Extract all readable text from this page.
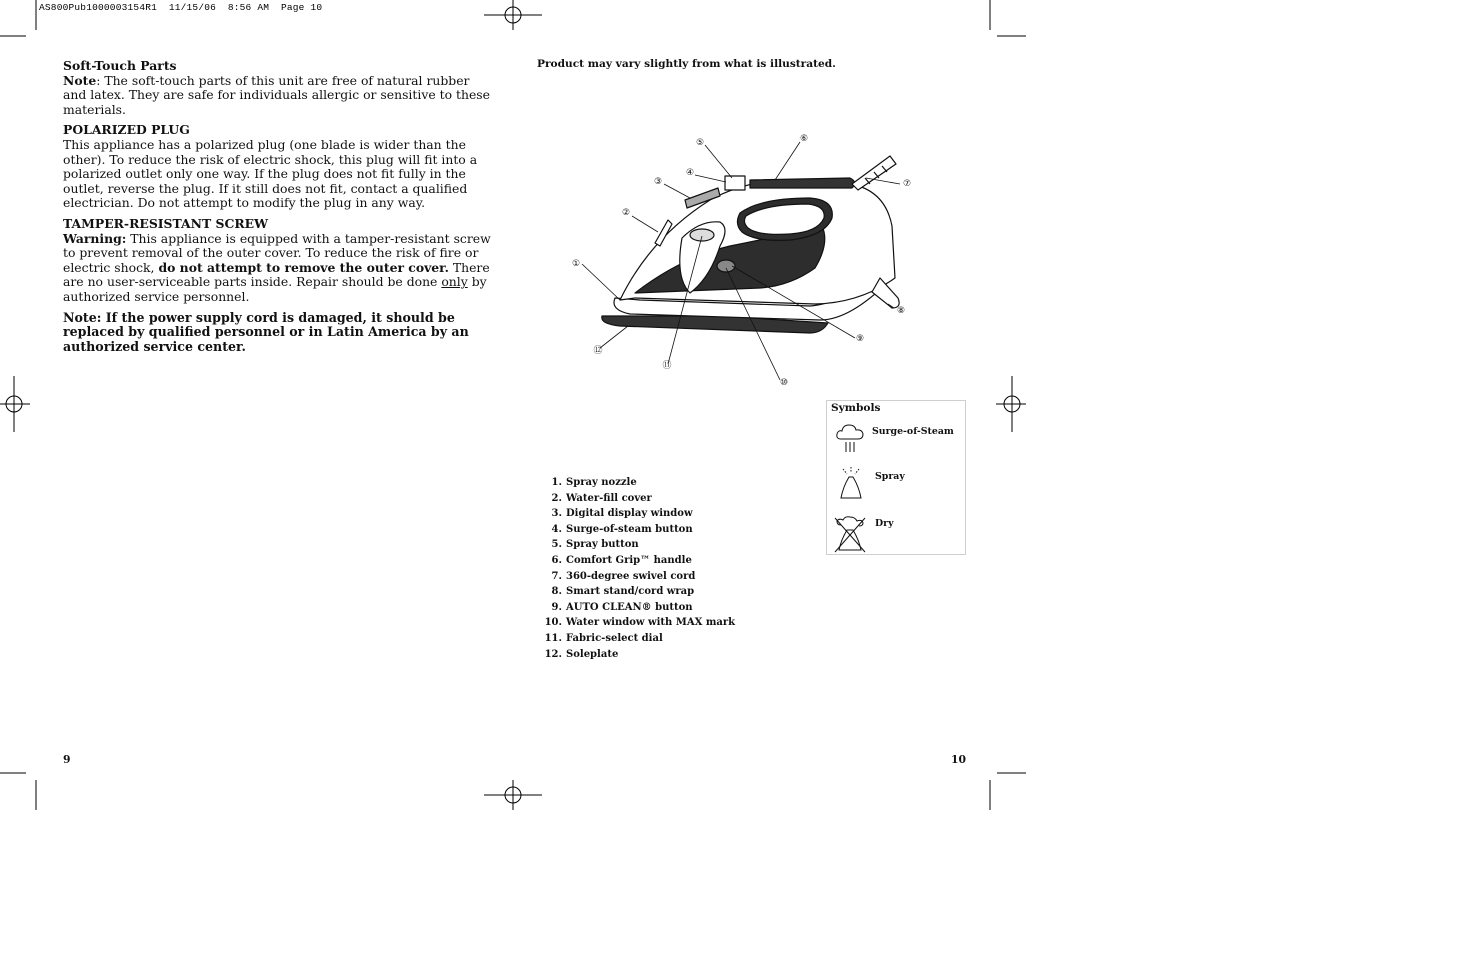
AS800Pub1000003154R1  11/15/06  8:56 AM  Page 10

Soft-Touch Parts
Note: The soft-touch parts of this unit are free of natural rubber and latex. They are safe for individuals allergic or sensitive to these materials.

POLARIZED PLUG
This appliance has a polarized plug (one blade is wider than the other). To reduce the risk of electric shock, this plug will fit into a polarized outlet only one way. If the plug does not fit fully in the outlet, reverse the plug. If it still does not fit, contact a qualified electrician. Do not attempt to modify the plug in any way.

TAMPER-RESISTANT SCREW
Warning: This appliance is equipped with a tamper-resistant screw to prevent removal of the outer cover. To reduce the risk of fire or electric shock, do not attempt to remove the outer cover. There are no user-serviceable parts inside. Repair should be done only by authorized service personnel.

Note: If the power supply cord is damaged, it should be replaced by qualified personnel or in Latin America by an authorized service center.

Product may vary slightly from what is illustrated.
①
②
③
④
⑤	⑥
⑦
⑧
⑨
⑩
⑪
⑫
1. Spray nozzle
2. Water-fill cover
3. Digital display window
4. Surge-of-steam button
5. Spray button
6. Comfort Grip™ handle
7. 360-degree swivel cord
8. Smart stand/cord wrap
9. AUTO CLEAN® button
10. Water window with MAX mark
11. Fabric-select dial
12. Soleplate
Symbols
Surge-of-Steam
Spray
Dry
9	10
